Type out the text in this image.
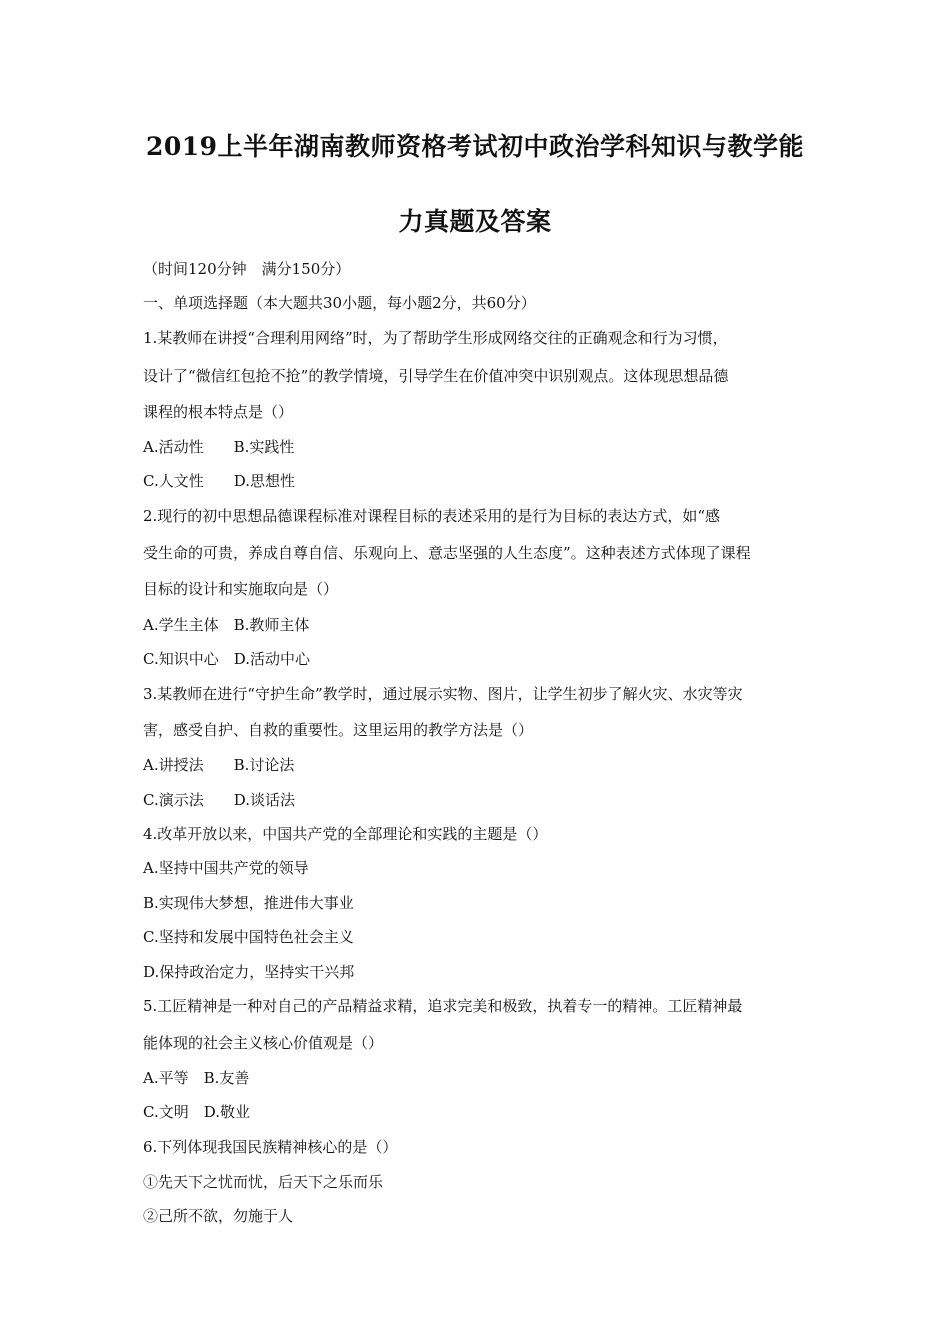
2019上半年湖南教师资格考试初中政治学科知识与教学能
力真题及答案
（时间120分钟　满分150分）
一、单项选择题（本大题共30小题，每小题2分，共60分）
1.某教师在讲授“合理利用网络”时，为了帮助学生形成网络交往的正确观念和行为习惯，
设计了“微信红包抢不抢”的教学情境，引导学生在价值冲突中识别观点。这体现思想品德
课程的根本特点是（）
A.活动性　　B.实践性
C.人文性　　D.思想性
2.现行的初中思想品德课程标准对课程目标的表述采用的是行为目标的表达方式，如“感
受生命的可贵，养成自尊自信、乐观向上、意志坚强的人生态度”。这种表述方式体现了课程
目标的设计和实施取向是（）
A.学生主体　B.教师主体
C.知识中心　D.活动中心
3.某教师在进行“守护生命”教学时，通过展示实物、图片，让学生初步了解火灾、水灾等灾
害，感受自护、自救的重要性。这里运用的教学方法是（）
A.讲授法　　B.讨论法
C.演示法　　D.谈话法
4.改革开放以来，中国共产党的全部理论和实践的主题是（）
A.坚持中国共产党的领导
B.实现伟大梦想，推进伟大事业
C.坚持和发展中国特色社会主义
D.保持政治定力，坚持实干兴邦
5.工匠精神是一种对自己的产品精益求精，追求完美和极致，执着专一的精神。工匠精神最
能体现的社会主义核心价值观是（）
A.平等　B.友善
C.文明　D.敬业
6.下列体现我国民族精神核心的是（）
①先天下之忧而忧，后天下之乐而乐
②己所不欲，勿施于人
